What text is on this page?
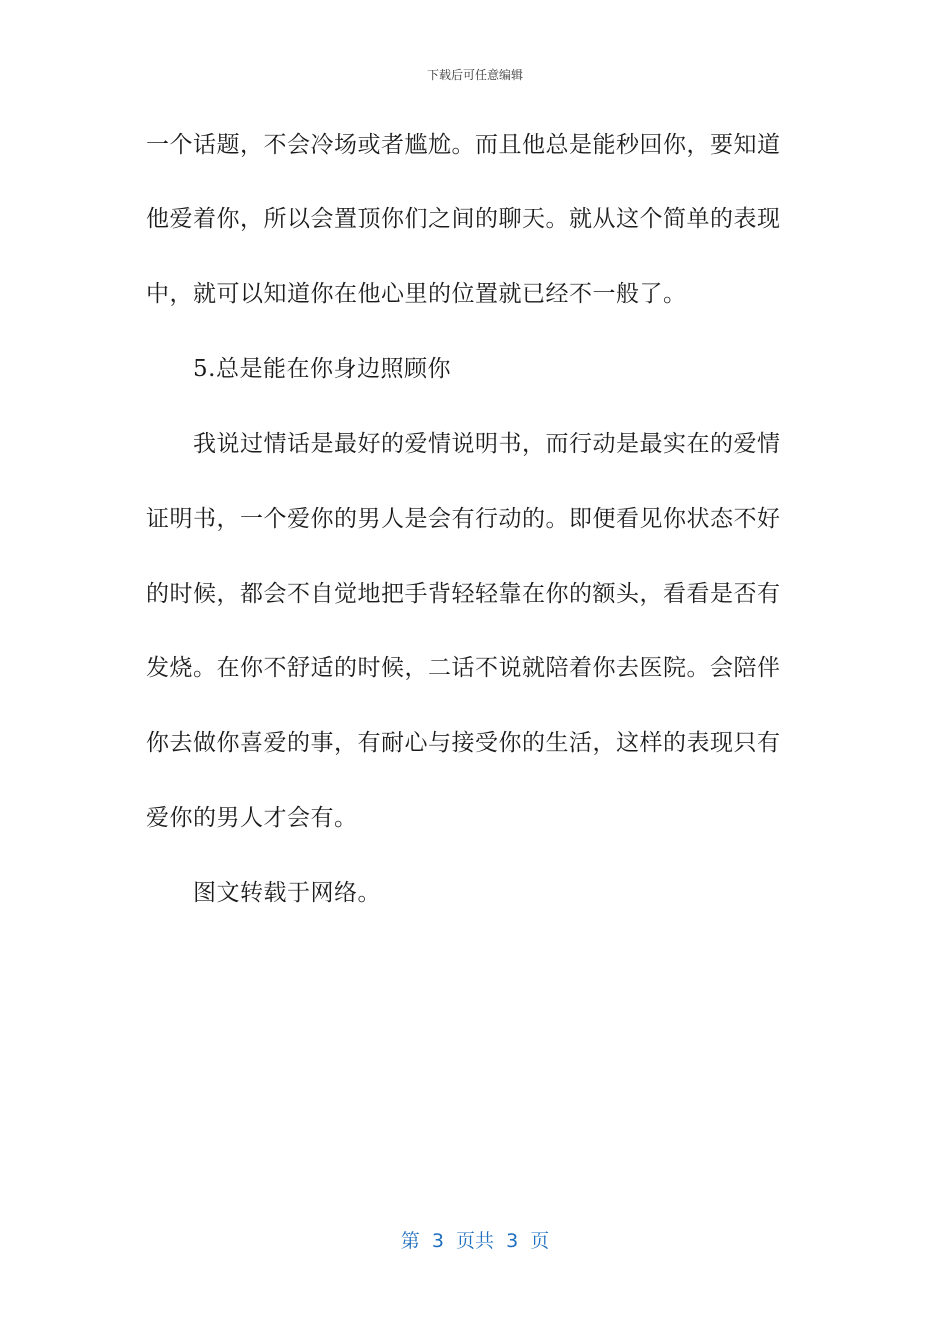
下载后可任意编辑
一个话题，不会冷场或者尴尬。而且他总是能秒回你，要知道
他爱着你，所以会置顶你们之间的聊天。就从这个简单的表现
中，就可以知道你在他心里的位置就已经不一般了。
5.总是能在你身边照顾你
我说过情话是最好的爱情说明书，而行动是最实在的爱情
证明书，一个爱你的男人是会有行动的。即便看见你状态不好
的时候，都会不自觉地把手背轻轻靠在你的额头，看看是否有
发烧。在你不舒适的时候，二话不说就陪着你去医院。会陪伴
你去做你喜爱的事，有耐心与接受你的生活，这样的表现只有
爱你的男人才会有。
图文转载于网络。
第  3  页共  3  页
